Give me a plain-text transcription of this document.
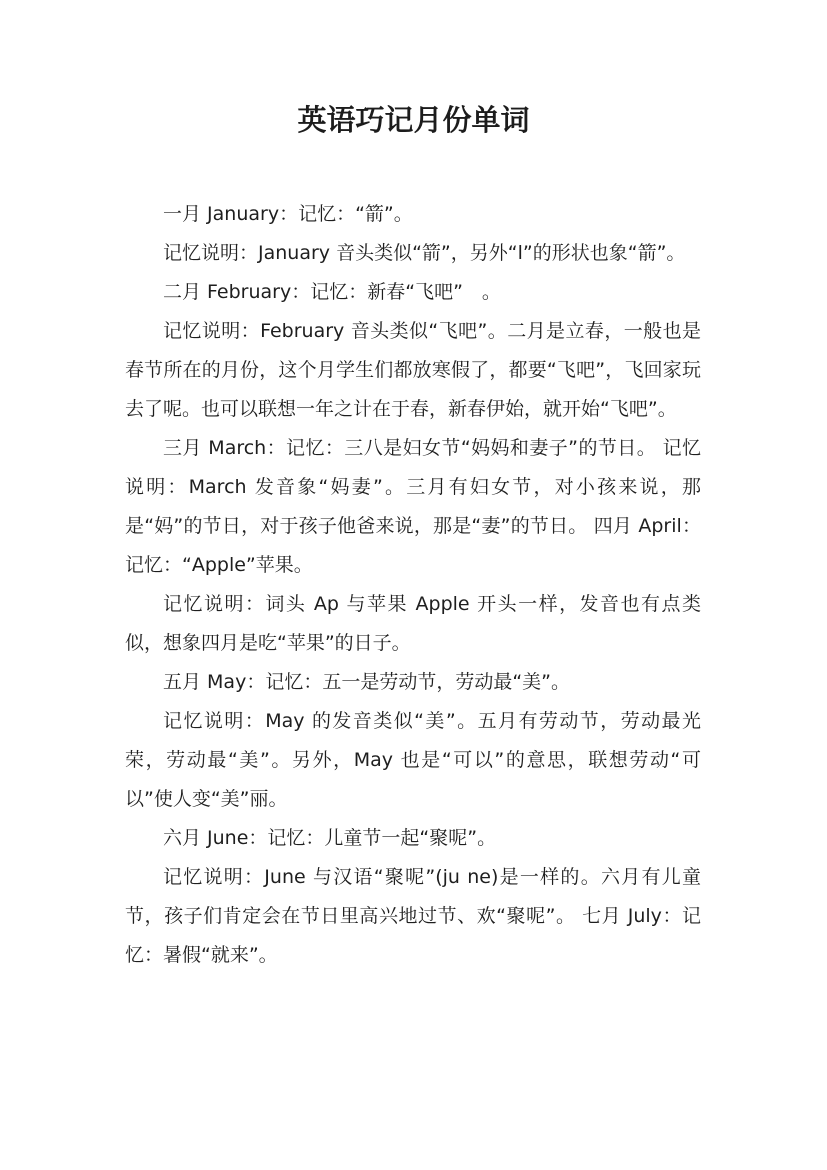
英语巧记月份单词

一月 January：记忆：“箭”。

记忆说明：January 音头类似“箭”，另外“l”的形状也象“箭”。

二月 February：记忆：新春“飞吧”　。

记忆说明：February 音头类似“飞吧”。二月是立春，一般也是春节所在的月份，这个月学生们都放寒假了，都要“飞吧”，飞回家玩去了呢。也可以联想一年之计在于春，新春伊始，就开始“飞吧”。

三月 March：记忆：三八是妇女节“妈妈和妻子”的节日。 记忆说明：March 发音象“妈妻”。三月有妇女节，对小孩来说，那是“妈”的节日，对于孩子他爸来说，那是“妻”的节日。 四月 April：记忆：“Apple”苹果。

记忆说明：词头 Ap 与苹果 Apple 开头一样，发音也有点类似，想象四月是吃“苹果”的日子。

五月 May：记忆：五一是劳动节，劳动最“美”。

记忆说明：May 的发音类似“美”。五月有劳动节，劳动最光荣，劳动最“美”。另外，May 也是“可以”的意思，联想劳动“可以”使人变“美”丽。

六月 June：记忆：儿童节一起“聚呢”。

记忆说明：June 与汉语“聚呢”(ju ne)是一样的。六月有儿童节，孩子们肯定会在节日里高兴地过节、欢“聚呢”。 七月 July：记忆：暑假“就来”。
